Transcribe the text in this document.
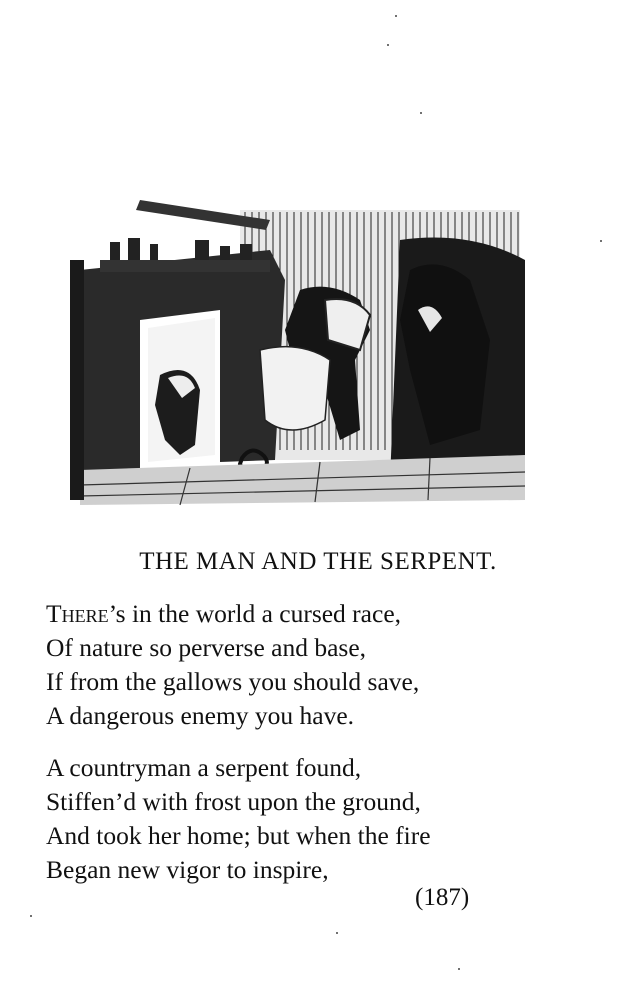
THE MAN AND THE SERPENT.
There’s in the world a cursed race,
Of nature so perverse and base,
If from the gallows you should save,
A dangerous enemy you have.
A countryman a serpent found,
Stiffen’d with frost upon the ground,
And took her home; but when the fire
Began new vigor to inspire,
(187)
